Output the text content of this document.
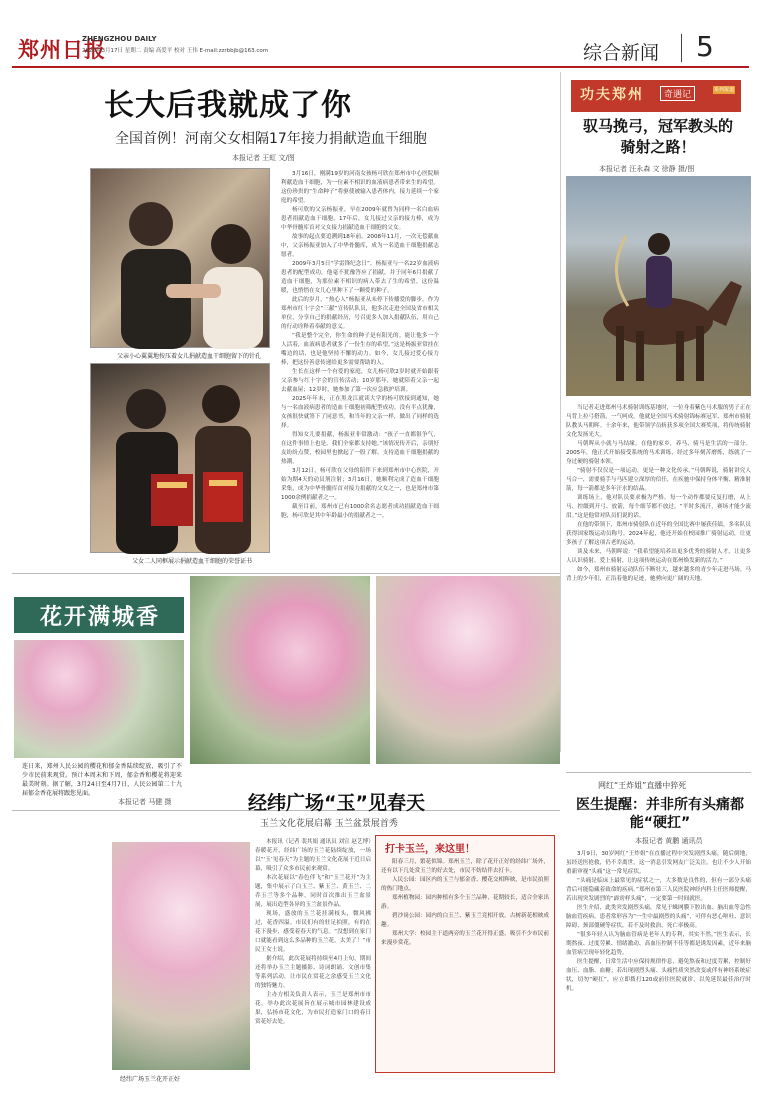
郑州日报
ZHENGZHOU DAILY
2026年3月17日 星期二 责编 高爱平 校对 王伟 E-mail:zzrbbjb@163.com	综合新闻 5
长大后我就成了你
全国首例！河南父女相隔17年接力捐献造血干细胞
本报记者 王虹 文/图
父亲小心翼翼地按压着女儿捐献造血干细胞留下的针孔
父女二人同框展示捐献造血干细胞的荣誉证书

3月16日，刚满19岁的河南女孩杨可欣在郑州市中心医院顺利献造血干细胞，为一位素不相识的血液病患者带来生的希望。这份珍贵的“生命种子”将驱使被输入患者体内，接力延续一个家庭的希望。

杨可欣的父亲杨振亚，早在2009年就曾为同样一名白血病患者捐献造血干细胞。17年后，女儿接过父亲的接力棒，成为中华骨髓库首对父女接力捐献造血干细胞的父女。

故事的起点要追溯到18年前。2008年11月，一次无偿献血中，父亲杨振亚加入了中华骨髓库，成为一名造血干细胞捐献志愿者。

2009年3月5日“学雷锋纪念日”，杨振亚与一名22岁血液病患者的配型成功，他毫不犹豫答应了捐献，并于同年6月捐献了造血干细胞，为那位素不相识的病人带去了生的希望。这份温暖，也悄悄在女儿心里种下了一颗爱的种子。

此后的岁月，“热心人”杨振亚从未停下传播爱的脚步。作为郑州市红十字会“三献”宣传队队员，他多次走进全国及省市相关单位，分享自己的捐献经历，号召更多人加入捐献队伍，用自己的行动诠释着奉献的意义。

“我是整个完全，你生命的种子是有阳光的。能让他多一个人活着，血液病患者就多了一份生存的希望。”这是杨振亚常挂在嘴边的话，也是他坚持不懈的动力。如今，女儿接过爱心接力棒，把这份善意传递给更多需要帮助的人。

生长在这样一个有爱的家庭，女儿杨可欣2岁时就开始跟着父亲参与红十字会的宣传活动；10岁那年，她就陪着父亲一起去献血屋；12岁时，她参加了第一次应急救护培训。

2025年年末，正在黑龙江就读大学的杨可欣接到通知，她与一名血液病患者的造血干细胞初筛配型成功。没有半点犹豫，女孩很快就签下了同意书，和当年的父亲一样，做出了同样的选择。

得知女儿要捐献，杨振亚非常激动：“孩子一直都很争气，在这件事情上也是，我们全家都支持她。”该情况传开后，亲朋好友纷纷点赞，校园里也掀起了一股了解、支持造血干细胞捐献的热潮。

3月12日，杨可欣在父母的陪伴下来到郑州市中心医院，开始为期4天的动员剂注射；3月16日，她顺利完成了造血干细胞采集，成为中华骨髓库首对接力捐献的父女之一，也是郑州市第1000余例捐献者之一。

截至目前，郑州市已有1000余名志愿者成功捐献造血干细胞，杨可欣是其中年龄最小的捐献者之一。

功夫郑州	奇遇记	系列报道
驭马挽弓，冠军教头的骑射之路！
本报记者 汪永森 文 徐静 摄/图

当记者走进郑州马术骑射训练基地时，一位身着紫色马术服的男子正在马背上拉弓搭箭，一气呵成。他就是全国马术骑射锦标赛冠军、郑州市骑射队教头马朝晖。十余年来，他带领学员斩获多项全国大赛奖项，将传统骑射文化发扬光大。

马朝晖从小就与马结缘。在他的家乡，养马、骑马是生活的一部分。2005年，他正式开始接受系统的马术训练，经过多年刻苦磨炼，练就了一身过硬的骑射本领。

“骑射不仅仅是一项运动，更是一种文化传承。”马朝晖说，骑射讲究人马合一，需要骑手与马匹建立深厚的信任，在疾驰中保持身体平衡、精准射箭，每一箭都是多年汗水的结晶。

训练场上，他对队员要求极为严格。每一个动作都要反复打磨，从上马、控缰到开弓、放箭，每个细节都不放过。“平时多流汗，赛场才能少流泪。”这是他常对队员们说的话。

在他的带领下，郑州市骑射队在近年的全国比赛中屡获佳绩，多名队员获得国家级运动员称号。2024年起，他还开始在校园推广骑射运动，让更多孩子了解这项古老的运动。

谈及未来，马朝晖说：“我希望能培养出更多优秀的骑射人才，让更多人认识骑射、爱上骑射，让这项传统运动在郑州焕发新的活力。”

如今，郑州市骑射运动队伍不断壮大，越来越多的青少年走进马场。马背上的少年们，正沿着他的足迹，驰骋向更广阔的天地。

花开满城香
连日来，郑州人民公园的樱花和郁金香陆续绽放，吸引了不少市民前来观赏。预计本周末和下周，郁金香和樱花将迎来最美时刻。据了解，3月24日至4月7日，人民公园第二十九届郁金香花展将跟您见面。
本报记者 马健 摄	经纬广场“玉”见春天
玉兰文化花展启幕 玉兰盆景展首秀
经纬广场玉兰花开正好

本报讯（记者 裴其娟 通讯员 刘宣 赵艺博）春暖花开，经纬广场的玉兰花陆续绽放，一场以“‘玉’见春天”为主题的玉兰文化花展于近日启幕，吸引了众多市民前来观赏。

本次花展以“春色伴飞”和“玉兰花开”为主题，集中展示了白玉兰、紫玉兰、黄玉兰、二乔玉兰等多个品种，同时首次推出玉兰盆景展，展出造型各异的玉兰盆景作品。

现场，盛放的玉兰花挂满枝头，微风拂过，花香四溢。市民们有的驻足拍照，有的在花下漫步，感受着春天的气息。“没想到在家门口就能看到这么多品种的玉兰花，太美了！”市民王女士说。

据介绍，此次花展将持续至4月上旬，期间还将举办玉兰主题摄影、诗词朗诵、文创市集等系列活动，让市民在赏花之余感受玉兰文化的独特魅力。

主办方相关负责人表示，玉兰是郑州市市花，举办此次花展旨在展示城市园林建设成果，弘扬市花文化，为市民打造家门口的春日赏花好去处。

打卡玉兰，来这里！

阳春三月，繁花似锦。郑州玉兰，除了花开正好的经纬广场外，还有以下几处赏玉兰的好去处，市民不妨结伴去打卡。

人民公园：园区内的玉兰与郁金香、樱花交相辉映，是市民拍照的热门地点。

郑州植物园：园内种植有多个玉兰品种，花期较长，适合全家出游。

碧沙岗公园：园内的白玉兰、紫玉兰竞相开放，古树新花相映成趣。

郑州大学：校园主干道两旁的玉兰花开得正盛，吸引不少市民前来漫步赏花。

网红“王炸姐”直播中猝死
医生提醒：并非所有头痛都能“硬扛”
本报记者 黄鹏 通讯员

3月9日，30岁网红“王炸姐”在直播过程中突发剧烈头痛，随后倒地，虽经送医抢救，仍不幸离世。这一消息引发网友广泛关注，也让不少人开始重新审视“头痛”这一常见症状。

“头痛是临床上最常见的症状之一，大多数是良性的，但有一部分头痛背后可能隐藏着致命的疾病。”郑州市第三人民医院神经内科主任医师提醒，若出现突发剧烈的“霹雳样头痛”，一定要第一时间就医。

医生介绍，此类突发剧烈头痛，常见于蛛网膜下腔出血、脑出血等急性脑血管疾病。患者常形容为“一生中最剧烈的头痛”，可伴有恶心呕吐、意识障碍、颈部僵硬等症状，若不及时救治，死亡率极高。

“很多年轻人认为脑血管病是老年人的专利，其实不然。”医生表示，长期熬夜、过度劳累、情绪激动、高血压控制不佳等都是诱发因素，近年来脑血管病呈现年轻化趋势。

医生提醒，日常生活中应保持规律作息，避免熬夜和过度劳累，控制好血压、血脂、血糖；若出现剧烈头痛、头痛性质突然改变或伴有神经系统症状，切勿“硬扛”，应立即拨打120或前往医院就诊，以免延误最佳治疗时机。
